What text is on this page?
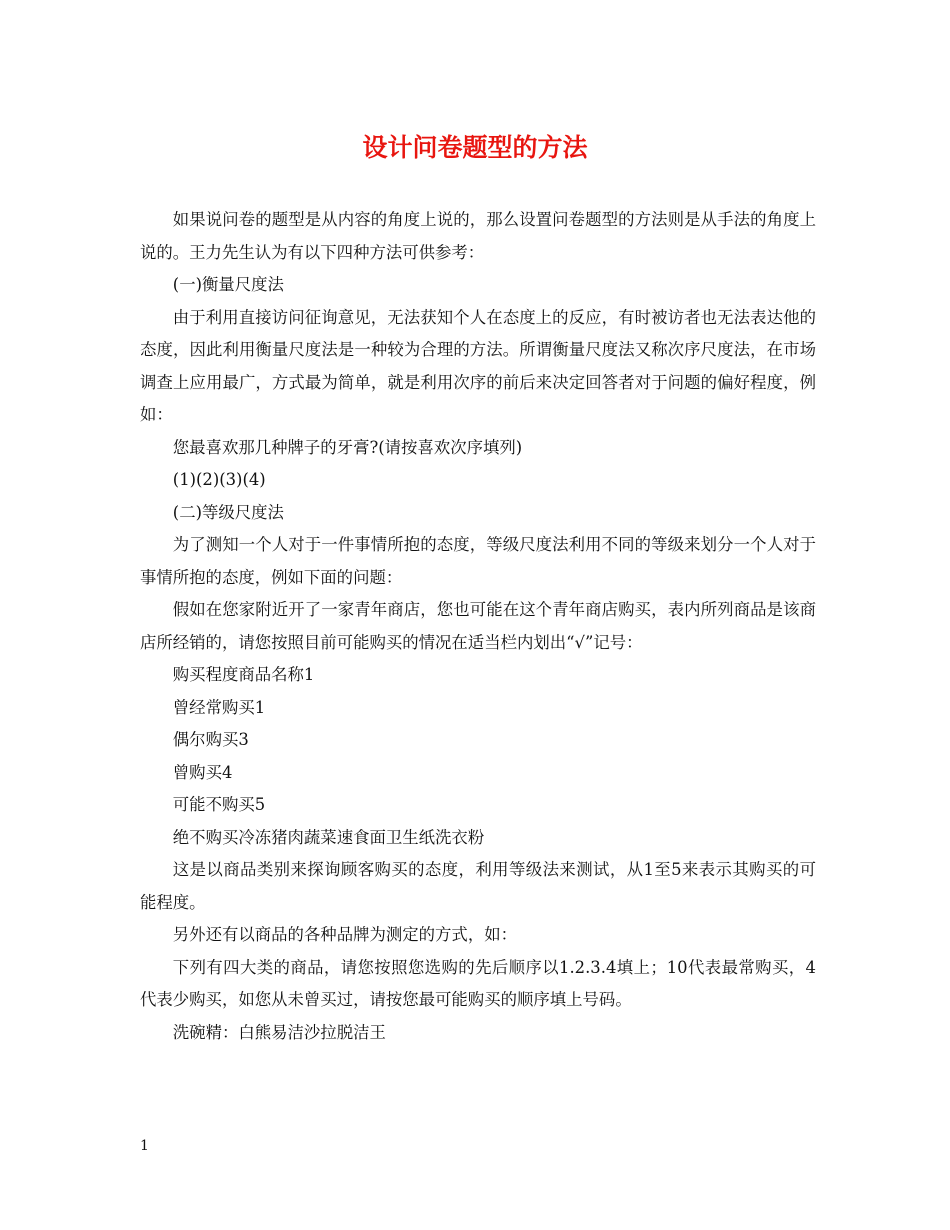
设计问卷题型的方法

如果说问卷的题型是从内容的角度上说的，那么设置问卷题型的方法则是从手法的角度上说的。王力先生认为有以下四种方法可供参考：

(一)衡量尺度法

由于利用直接访问征询意见，无法获知个人在态度上的反应，有时被访者也无法表达他的态度，因此利用衡量尺度法是一种较为合理的方法。所谓衡量尺度法又称次序尺度法，在市场调查上应用最广，方式最为简单，就是利用次序的前后来决定回答者对于问题的偏好程度，例如：

您最喜欢那几种牌子的牙膏?(请按喜欢次序填列)

(1)(2)(3)(4)

(二)等级尺度法

为了测知一个人对于一件事情所抱的态度，等级尺度法利用不同的等级来划分一个人对于事情所抱的态度，例如下面的问题：

假如在您家附近开了一家青年商店，您也可能在这个青年商店购买，表内所列商品是该商店所经销的，请您按照目前可能购买的情况在适当栏内划出“√”记号：

购买程度商品名称1

曾经常购买1

偶尔购买3

曾购买4

可能不购买5

绝不购买冷冻猪肉蔬菜速食面卫生纸洗衣粉

这是以商品类别来探询顾客购买的态度，利用等级法来测试，从1至5来表示其购买的可能程度。

另外还有以商品的各种品牌为测定的方式，如：

下列有四大类的商品，请您按照您选购的先后顺序以1.2.3.4填上；10代表最常购买，4代表少购买，如您从未曾买过，请按您最可能购买的顺序填上号码。

洗碗精：白熊易洁沙拉脱洁王

1
